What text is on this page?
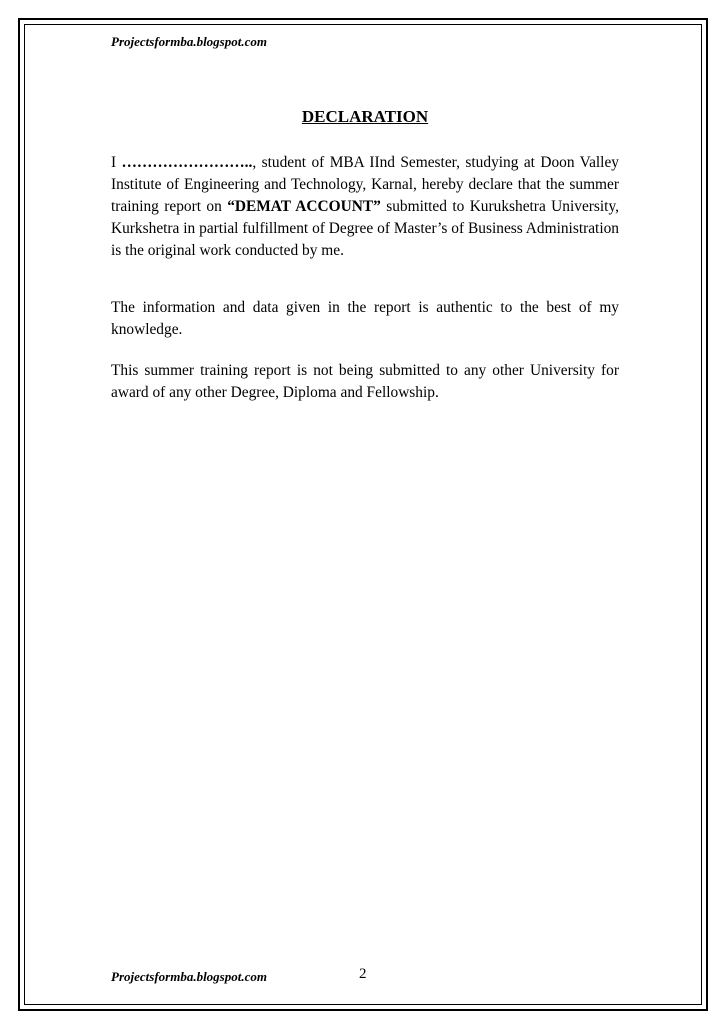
Projectsformba.blogspot.com
DECLARATION
I …………………….., student of MBA IInd Semester, studying at Doon Valley Institute of Engineering and Technology, Karnal, hereby declare that the summer training report on “DEMAT ACCOUNT” submitted to Kurukshetra University, Kurkshetra in partial fulfillment of Degree of Master’s of Business Administration is the original work conducted by me.
The information and data given in the report is authentic to the best of my knowledge.
This summer training report is not being submitted to any other University for award of any other Degree, Diploma and Fellowship.
Projectsformba.blogspot.com	2
